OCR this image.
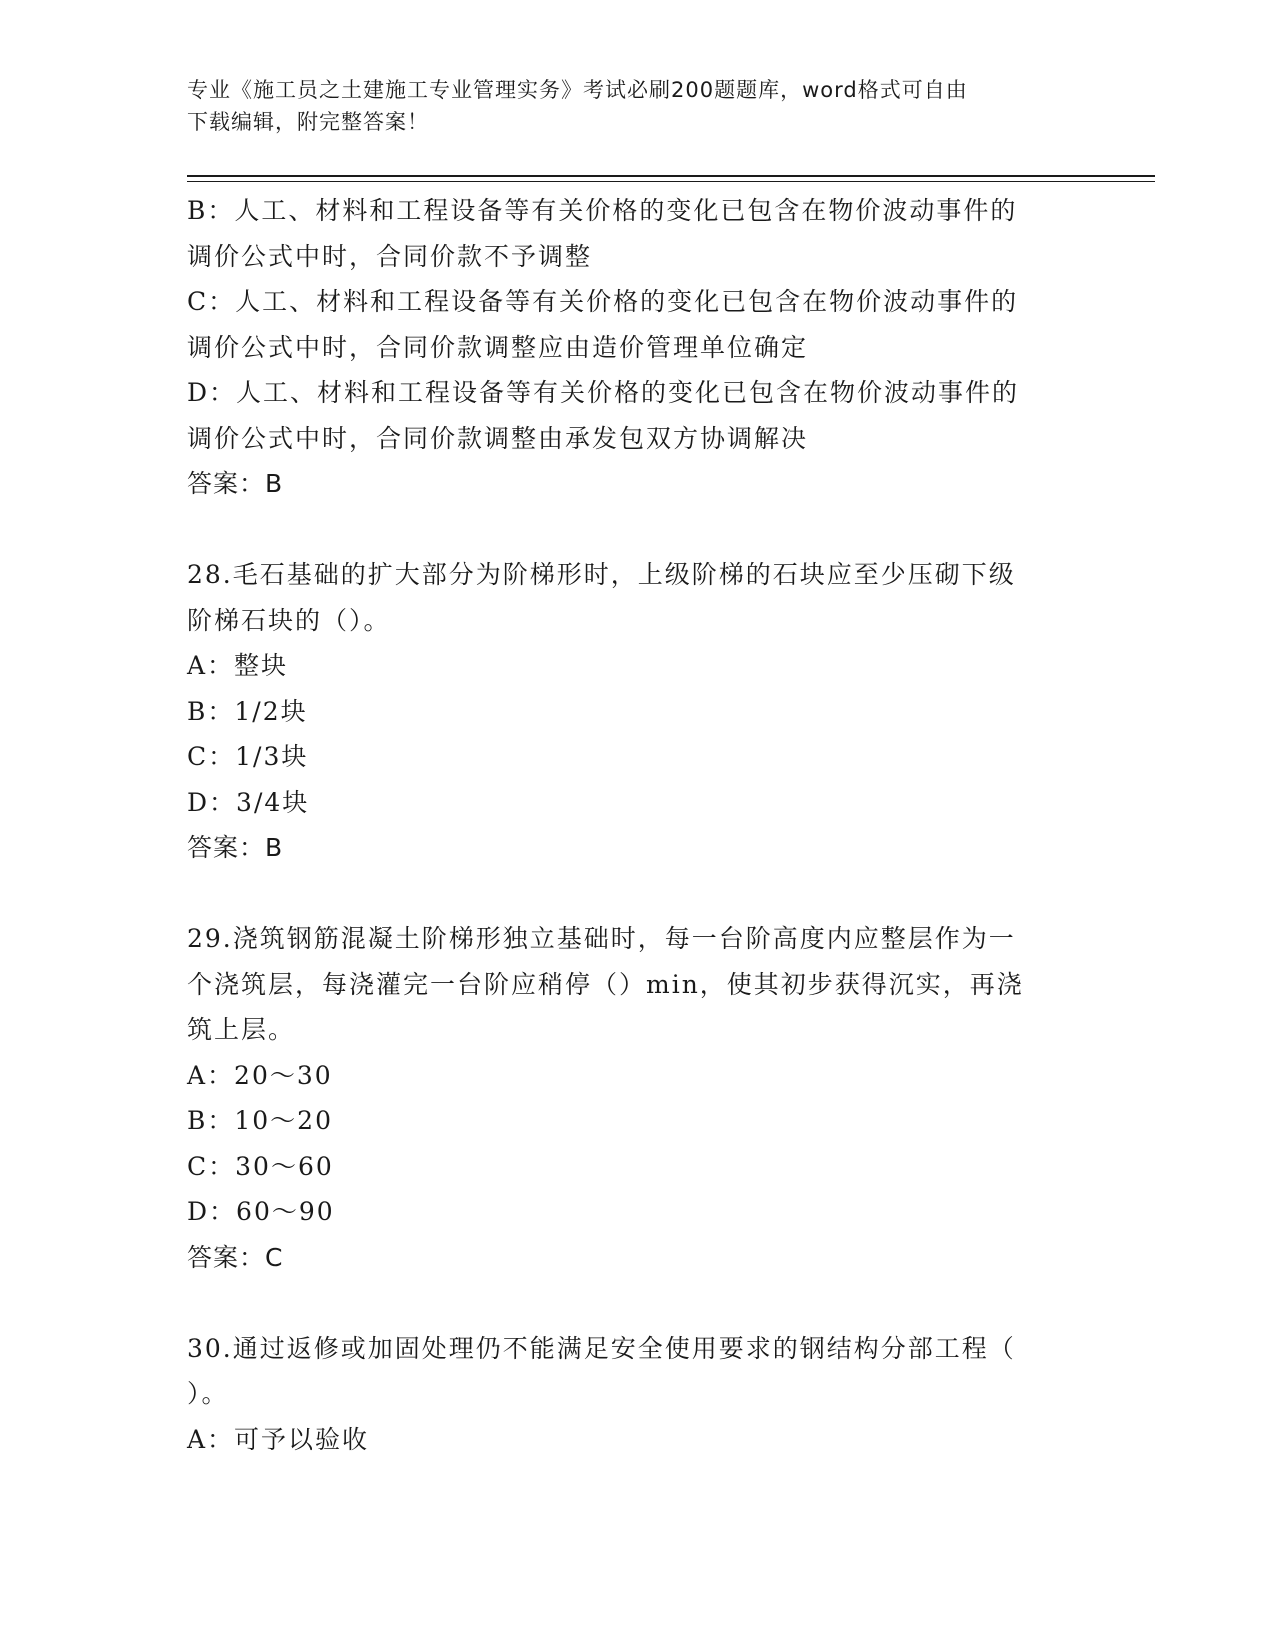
专业《施工员之土建施工专业管理实务》考试必刷200题题库，word格式可自由
下载编辑，附完整答案！

B：人工、材料和工程设备等有关价格的变化已包含在物价波动事件的

调价公式中时，合同价款不予调整

C：人工、材料和工程设备等有关价格的变化已包含在物价波动事件的

调价公式中时，合同价款调整应由造价管理单位确定

D：人工、材料和工程设备等有关价格的变化已包含在物价波动事件的

调价公式中时，合同价款调整由承发包双方协调解决

答案：B

28.毛石基础的扩大部分为阶梯形时，上级阶梯的石块应至少压砌下级

阶梯石块的（）。

A：整块

B：1/2块

C：1/3块

D：3/4块

答案：B

29.浇筑钢筋混凝土阶梯形独立基础时，每一台阶高度内应整层作为一

个浇筑层，每浇灌完一台阶应稍停（）min，使其初步获得沉实，再浇

筑上层。

A：20～30

B：10～20

C：30～60

D：60～90

答案：C

30.通过返修或加固处理仍不能满足安全使用要求的钢结构分部工程（

）。

A：可予以验收
